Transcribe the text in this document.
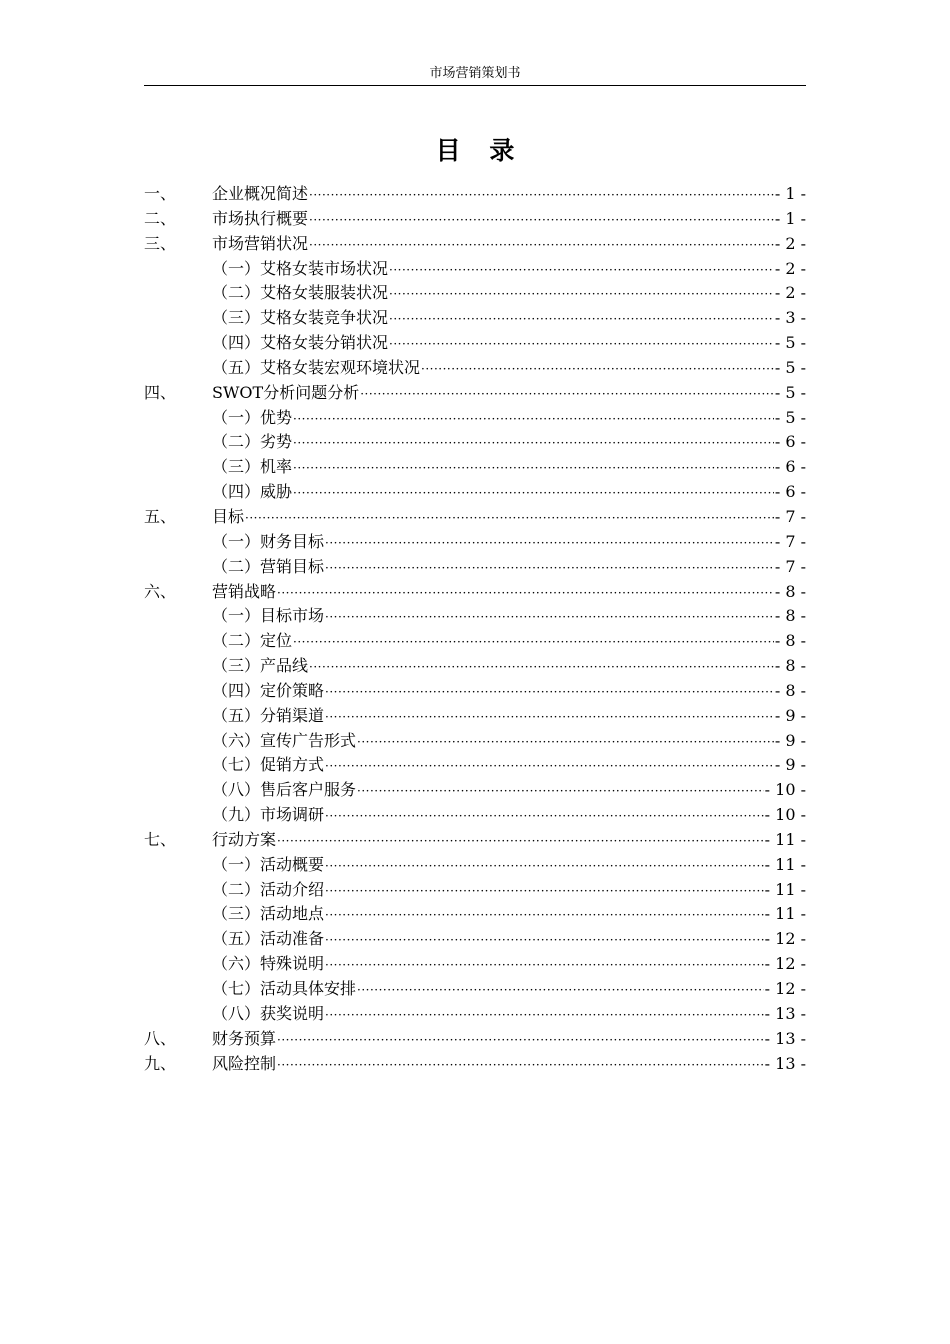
市场营销策划书
目 录
一、	企业概况简述 ·····	- 1 -
二、	市场执行概要 ·····	- 1 -
三、	市场营销状况 ·····	- 2 -
（一）艾格女装市场状况 ·····	- 2 -
（二）艾格女装服装状况 ·····	- 2 -
（三）艾格女装竞争状况 ·····	- 3 -
（四）艾格女装分销状况 ·····	- 5 -
（五）艾格女装宏观环境状况 ·····	- 5 -
四、	SWOT分析问题分析 ·····	- 5 -
（一）优势 ·····	- 5 -
（二）劣势 ·····	- 6 -
（三）机率 ·····	- 6 -
（四）威胁 ·····	- 6 -
五、	目标 ·····	- 7 -
（一）财务目标 ·····	- 7 -
（二）营销目标 ·····	- 7 -
六、	营销战略 ·····	- 8 -
（一）目标市场 ·····	- 8 -
（二）定位 ·····	- 8 -
（三）产品线 ·····	- 8 -
（四）定价策略 ·····	- 8 -
（五）分销渠道 ·····	- 9 -
（六）宣传广告形式 ·····	- 9 -
（七）促销方式 ·····	- 9 -
（八）售后客户服务 ·····	- 10 -
（九）市场调研 ·····	- 10 -
七、	行动方案 ·····	- 11 -
（一）活动概要 ·····	- 11 -
（二）活动介绍 ·····	- 11 -
（三）活动地点 ·····	- 11 -
（五）活动准备 ·····	- 12 -
（六）特殊说明 ·····	- 12 -
（七）活动具体安排 ·····	- 12 -
（八）获奖说明 ·····	- 13 -
八、	财务预算 ·····	- 13 -
九、	风险控制 ·····	- 13 -
